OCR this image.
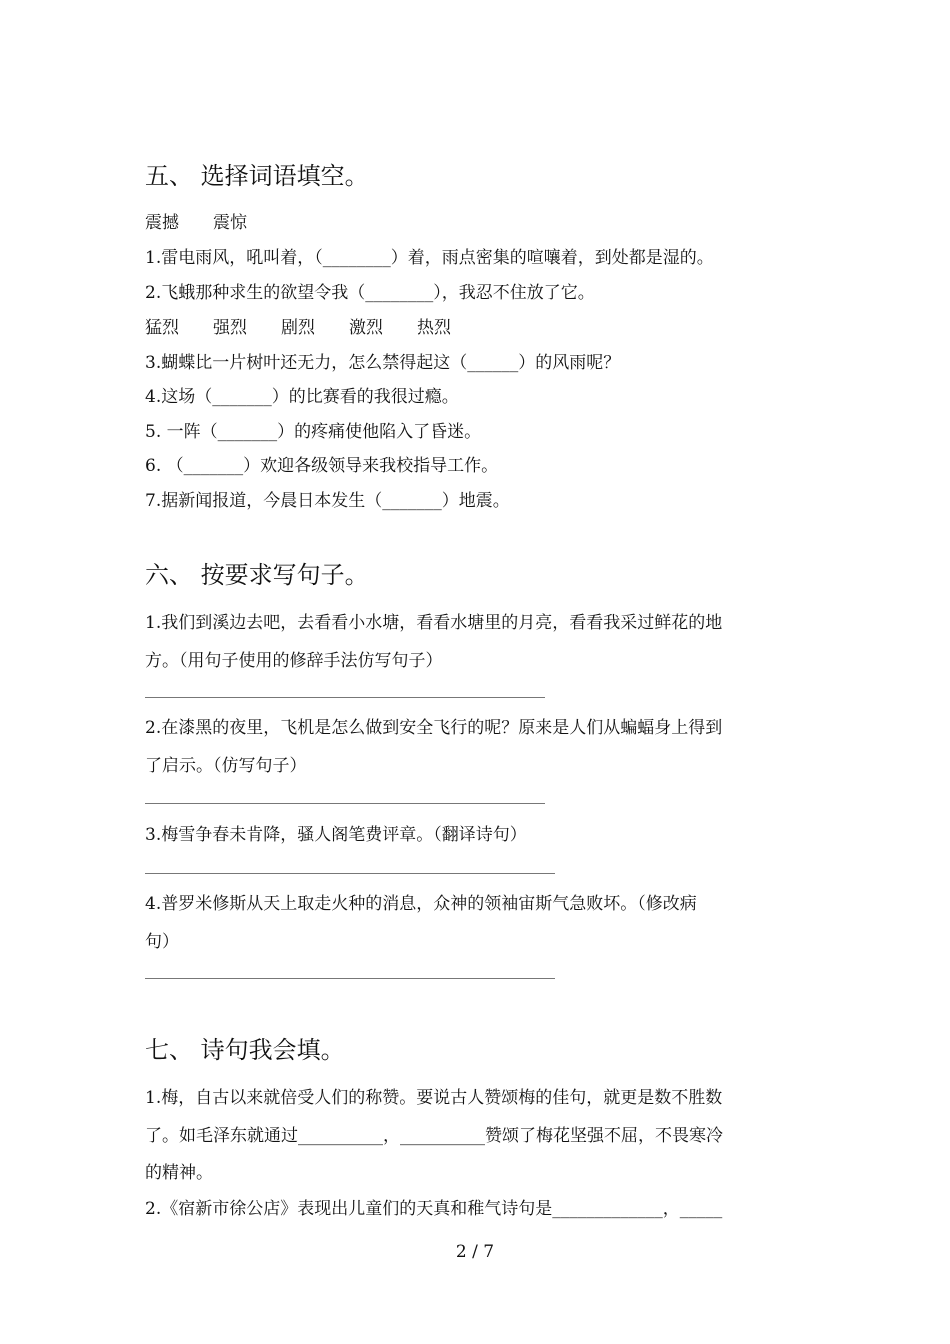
五、 选择词语填空。
震撼　　震惊
1.雷电雨风，吼叫着，（________）着，雨点密集的喧嚷着，到处都是湿的。
2.飞蛾那种求生的欲望令我（________），我忍不住放了它。
猛烈　　强烈　　剧烈　　激烈　　热烈
3.蝴蝶比一片树叶还无力，怎么禁得起这（______）的风雨呢？
4.这场（_______）的比赛看的我很过瘾。
5. 一阵（_______）的疼痛使他陷入了昏迷。
6. （_______）欢迎各级领导来我校指导工作。
7.据新闻报道，今晨日本发生（_______）地震。
六、 按要求写句子。
1.我们到溪边去吧，去看看小水塘，看看水塘里的月亮，看看我采过鲜花的地
方。（用句子使用的修辞手法仿写句子）
2.在漆黑的夜里，飞机是怎么做到安全飞行的呢？原来是人们从蝙蝠身上得到
了启示。（仿写句子）
3.梅雪争春未肯降，骚人阁笔费评章。（翻译诗句）
4.普罗米修斯从天上取走火种的消息，众神的领袖宙斯气急败坏。（修改病
句）
七、 诗句我会填。
1.梅，自古以来就倍受人们的称赞。要说古人赞颂梅的佳句，就更是数不胜数
了。如毛泽东就通过__________，__________赞颂了梅花坚强不屈，不畏寒冷
的精神。
2.《宿新市徐公店》表现出儿童们的天真和稚气诗句是_____________，_____
2 / 7
